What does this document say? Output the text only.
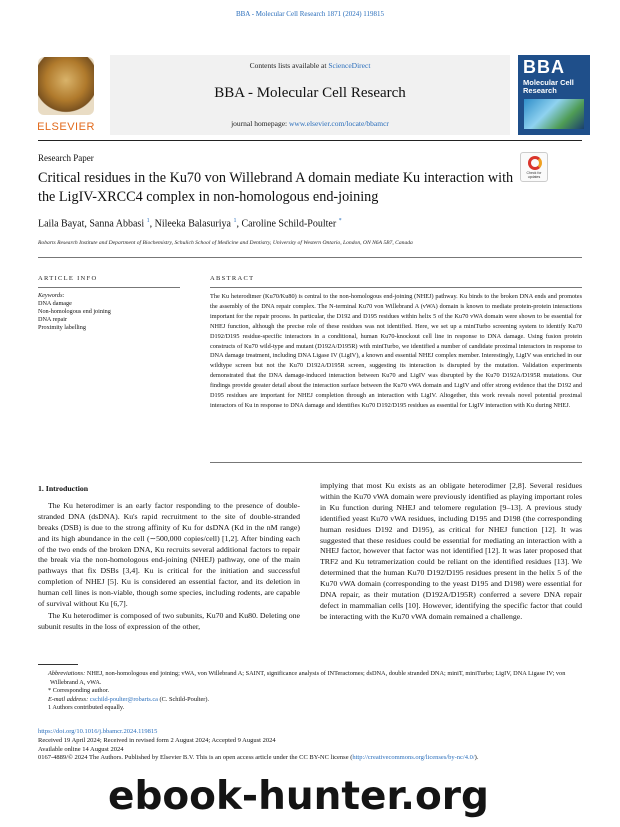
BBA - Molecular Cell Research 1871 (2024) 119815
ELSEVIER
Contents lists available at ScienceDirect
BBA - Molecular Cell Research
journal homepage: www.elsevier.com/locate/bbamcr
BBA
Molecular Cell Research
Research Paper
Check for updates
Critical residues in the Ku70 von Willebrand A domain mediate Ku interaction with the LigIV-XRCC4 complex in non-homologous end-joining
Laila Bayat, Sanna Abbasi $^1$, Nileeka Balasuriya $^1$, Caroline Schild-Poulter *
Robarts Research Institute and Department of Biochemistry, Schulich School of Medicine and Dentistry, University of Western Ontario, London, ON N6A 5B7, Canada
ARTICLE INFO	ABSTRACT
Keywords:
DNA damage
Non-homologous end joining
DNA repair
Proximity labelling
The Ku heterodimer (Ku70/Ku80) is central to the non-homologous end-joining (NHEJ) pathway. Ku binds to the broken DNA ends and promotes the assembly of the DNA repair complex. The N-terminal Ku70 von Willebrand A (vWA) domain is known to mediate protein-protein interactions important for the repair process. In particular, the D192 and D195 residues within helix 5 of the Ku70 vWA domain were shown to be essential for NHEJ function, although the precise role of these residues was not identified. Here, we set up a miniTurbo screening system to identify Ku70 D192/D195 residue-specific interactors in a conditional, human Ku70-knockout cell line in response to DNA damage. Using fusion protein constructs of Ku70 wild-type and mutant (D192A/D195R) with miniTurbo, we identified a number of candidate proximal interactors in response to DNA damage treatment, including DNA Ligase IV (LigIV), a known and essential NHEJ complex member. Interestingly, LigIV was enriched in our wildtype screen but not the Ku70 D192A/D195R screen, suggesting its interaction is disrupted by the mutation. Validation experiments demonstrated that the DNA damage-induced interaction between Ku70 and LigIV was disrupted by the Ku70 D192A/D195R mutations. Our findings provide greater detail about the interaction surface between the Ku70 vWA domain and LigIV and offer strong evidence that the D192 and D195 residues are important for NHEJ completion through an interaction with LigIV. Altogether, this work reveals novel potential proximal interactors of Ku in response to DNA damage and identifies Ku70 D192/D195 residues as essential for LigIV interaction with Ku during NHEJ.
1. Introduction

The Ku heterodimer is an early factor responding to the presence of double-stranded DNA (dsDNA). Ku's rapid recruitment to the site of double-stranded breaks (DSB) is due to the strong affinity of Ku for dsDNA (Kd in the nM range) and its high abundance in the cell (∼500,000 copies/cell) [1,2]. After binding each of the two ends of the broken DNA, Ku recruits several additional factors to repair the break via the non-homologous end-joining (NHEJ) pathway, one of the main pathways that fix DSBs [3,4]. Ku is critical for the initiation and successful completion of NHEJ [5]. Ku is considered an essential factor, and its deletion in human cell lines is non-viable, though some species, including rodents, are capable of survival without Ku [6,7].

The Ku heterodimer is composed of two subunits, Ku70 and Ku80. Deleting one subunit results in the loss of expression of the other,

implying that most Ku exists as an obligate heterodimer [2,8]. Several residues within the Ku70 vWA domain were previously identified as playing important roles in Ku function during NHEJ and telomere regulation [9–13]. A previous study identified yeast Ku70 vWA residues, including D195 and D198 (the corresponding human residues D192 and D195), as critical for NHEJ function [12]. It was suggested that these residues could be essential for mediating an interaction with a NHEJ factor, however that factor was not identified [12]. It was later proposed that TRF2 and Ku tetramerization could be reliant on the identified residues [13]. We determined that the human Ku70 D192/D195 residues present in the helix 5 of the Ku70 vWA domain (corresponding to the yeast D195 and D198) were essential for DNA repair, as their mutation (D192A/D195R) conferred a severe DNA repair defect in mammalian cells [10]. However, identifying the specific factor that could be interacting with the Ku70 vWA domain remained a challenge.

Abbreviations: NHEJ, non-homologous end joining; vWA, von Willebrand A; SAINT, significance analysis of INTeractomes; dsDNA, double stranded DNA; miniT, miniTurbo; LigIV, DNA Ligase IV; von Willebrand A, vWA.
* Corresponding author.
E-mail address: cschild-poulter@robarts.ca (C. Schild-Poulter).
1 Authors contributed equally.
https://doi.org/10.1016/j.bbamcr.2024.119815
Received 19 April 2024; Received in revised form 2 August 2024; Accepted 9 August 2024
Available online 14 August 2024
0167-4889/© 2024 The Authors. Published by Elsevier B.V. This is an open access article under the CC BY-NC license (http://creativecommons.org/licenses/by-nc/4.0/).
ebook-hunter.org
